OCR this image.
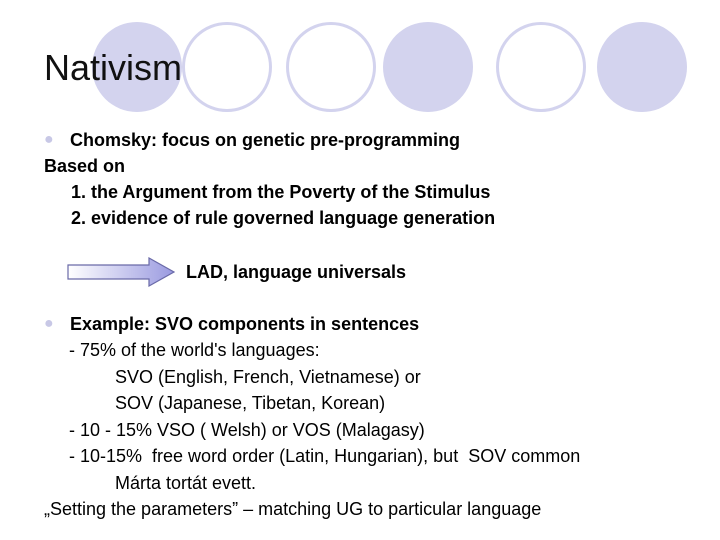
Nativism
● Chomsky: focus on genetic pre-programming
Based on
1. the Argument from the Poverty of the Stimulus
2. evidence of rule governed language generation
LAD, language universals
● Example: SVO components in sentences
- 75% of the world's languages:
SVO (English, French, Vietnamese) or
SOV (Japanese, Tibetan, Korean)
- 10 - 15% VSO ( Welsh) or VOS (Malagasy)
- 10-15%  free word order (Latin, Hungarian), but  SOV common
Márta tortát evett.
„Setting the parameters” – matching UG to particular language
